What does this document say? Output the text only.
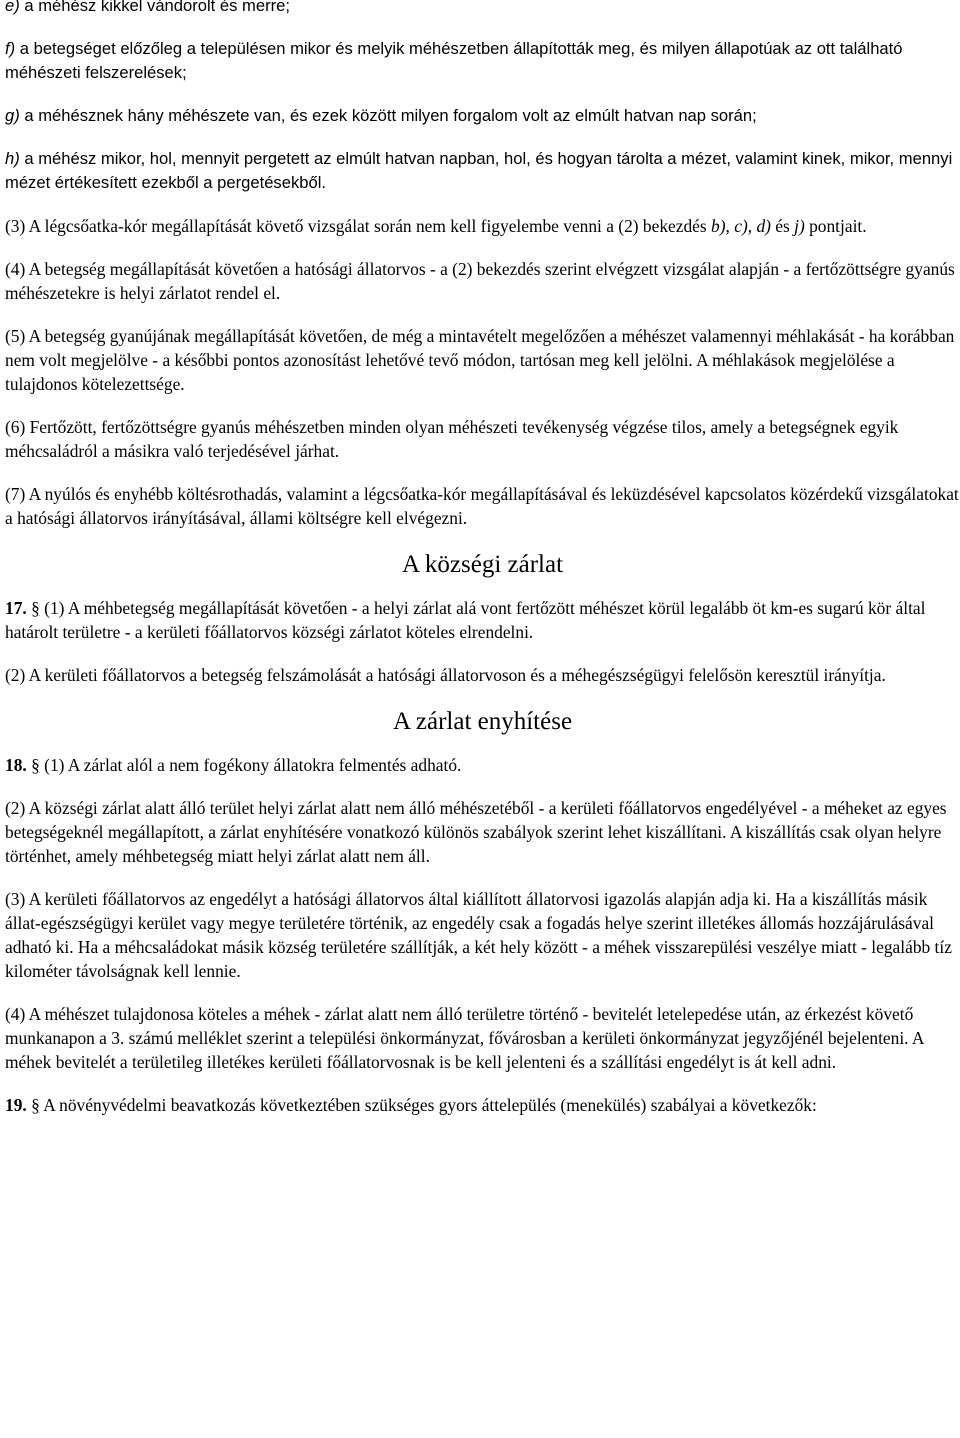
e) a méhész kikkel vándorolt és merre;

f) a betegséget előzőleg a településen mikor és melyik méhészetben állapították meg, és milyen állapotúak az ott található méhészeti felszerelések;

g) a méhésznek hány méhészete van, és ezek között milyen forgalom volt az elmúlt hatvan nap során;

h) a méhész mikor, hol, mennyit pergetett az elmúlt hatvan napban, hol, és hogyan tárolta a mézet, valamint kinek, mikor, mennyi mézet értékesített ezekből a pergetésekből.

(3) A légcsőatka-kór megállapítását követő vizsgálat során nem kell figyelembe venni a (2) bekezdés b), c), d) és j) pontjait.

(4) A betegség megállapítását követően a hatósági állatorvos - a (2) bekezdés szerint elvégzett vizsgálat alapján - a fertőzöttségre gyanús méhészetekre is helyi zárlatot rendel el.

(5) A betegség gyanújának megállapítását követően, de még a mintavételt megelőzően a méhészet valamennyi méhlakását - ha korábban nem volt megjelölve - a későbbi pontos azonosítást lehetővé tevő módon, tartósan meg kell jelölni. A méhlakások megjelölése a tulajdonos kötelezettsége.

(6) Fertőzött, fertőzöttségre gyanús méhészetben minden olyan méhészeti tevékenység végzése tilos, amely a betegségnek egyik méhcsaládról a másikra való terjedésével járhat.

(7) A nyúlós és enyhébb költésrothadás, valamint a légcsőatka-kór megállapításával és leküzdésével kapcsolatos közérdekű vizsgálatokat a hatósági állatorvos irányításával, állami költségre kell elvégezni.

A községi zárlat

17. § (1) A méhbetegség megállapítását követően - a helyi zárlat alá vont fertőzött méhészet körül legalább öt km-es sugarú kör által határolt területre - a kerületi főállatorvos községi zárlatot köteles elrendelni.

(2) A kerületi főállatorvos a betegség felszámolását a hatósági állatorvoson és a méhegészségügyi felelősön keresztül irányítja.

A zárlat enyhítése

18. § (1) A zárlat alól a nem fogékony állatokra felmentés adható.

(2) A községi zárlat alatt álló terület helyi zárlat alatt nem álló méhészetéből - a kerületi főállatorvos engedélyével - a méheket az egyes betegségeknél megállapított, a zárlat enyhítésére vonatkozó különös szabályok szerint lehet kiszállítani. A kiszállítás csak olyan helyre történhet, amely méhbetegség miatt helyi zárlat alatt nem áll.

(3) A kerületi főállatorvos az engedélyt a hatósági állatorvos által kiállított állatorvosi igazolás alapján adja ki. Ha a kiszállítás másik állat-egészségügyi kerület vagy megye területére történik, az engedély csak a fogadás helye szerint illetékes állomás hozzájárulásával adható ki. Ha a méhcsaládokat másik község területére szállítják, a két hely között - a méhek visszarepülési veszélye miatt - legalább tíz kilométer távolságnak kell lennie.

(4) A méhészet tulajdonosa köteles a méhek - zárlat alatt nem álló területre történő - bevitelét letelepedése után, az érkezést követő munkanapon a 3. számú melléklet szerint a települési önkormányzat, fővárosban a kerületi önkormányzat jegyzőjénél bejelenteni. A méhek bevitelét a területileg illetékes kerületi főállatorvosnak is be kell jelenteni és a szállítási engedélyt is át kell adni.

19. § A növényvédelmi beavatkozás következtében szükséges gyors áttelepülés (menekülés) szabályai a következők:
